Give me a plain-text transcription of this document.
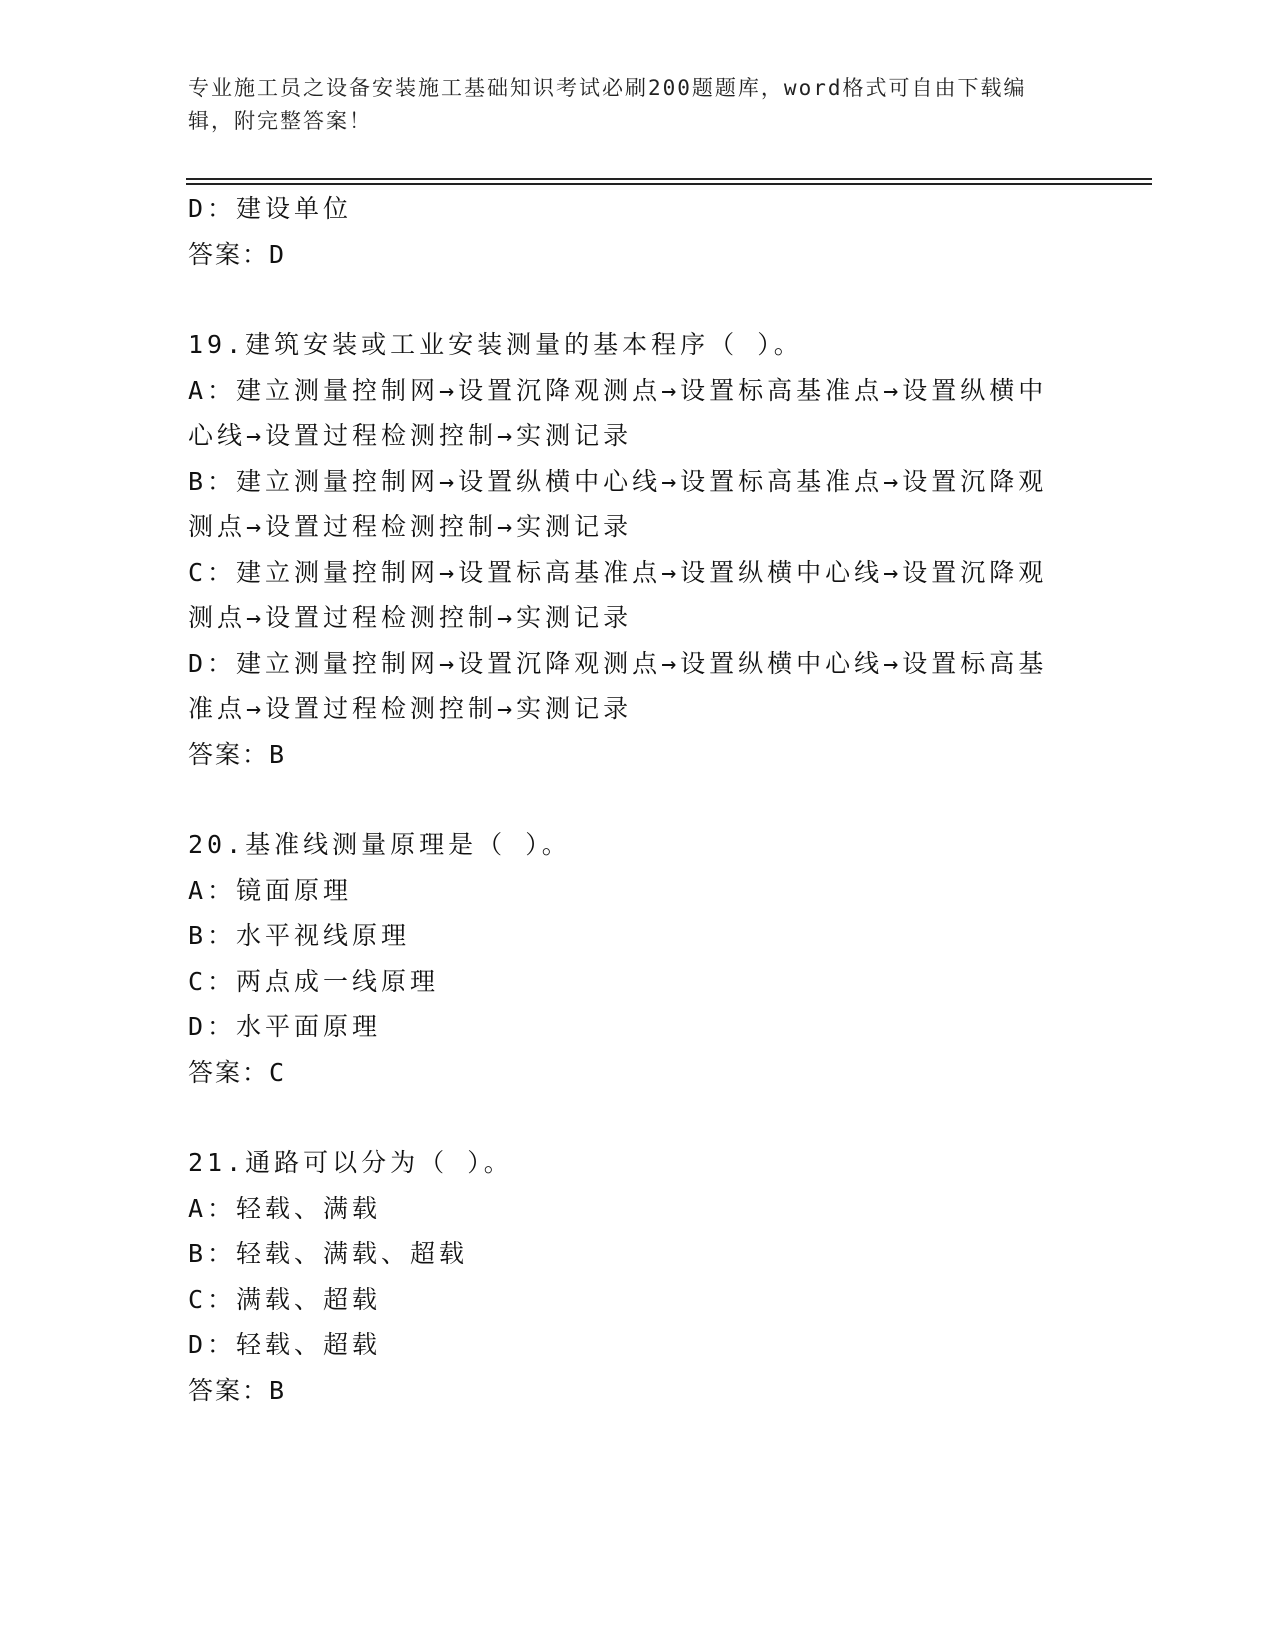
专业施工员之设备安装施工基础知识考试必刷200题题库，word格式可自由下载编辑，附完整答案！
D：建设单位
答案：D
19.建筑安装或工业安装测量的基本程序（ ）。
A：建立测量控制网→设置沉降观测点→设置标高基准点→设置纵横中
心线→设置过程检测控制→实测记录
B：建立测量控制网→设置纵横中心线→设置标高基准点→设置沉降观
测点→设置过程检测控制→实测记录
C：建立测量控制网→设置标高基准点→设置纵横中心线→设置沉降观
测点→设置过程检测控制→实测记录
D：建立测量控制网→设置沉降观测点→设置纵横中心线→设置标高基
准点→设置过程检测控制→实测记录
答案：B
20.基准线测量原理是（ ）。
A：镜面原理
B：水平视线原理
C：两点成一线原理
D：水平面原理
答案：C
21.通路可以分为（ ）。
A：轻载、满载
B：轻载、满载、超载
C：满载、超载
D：轻载、超载
答案：B
